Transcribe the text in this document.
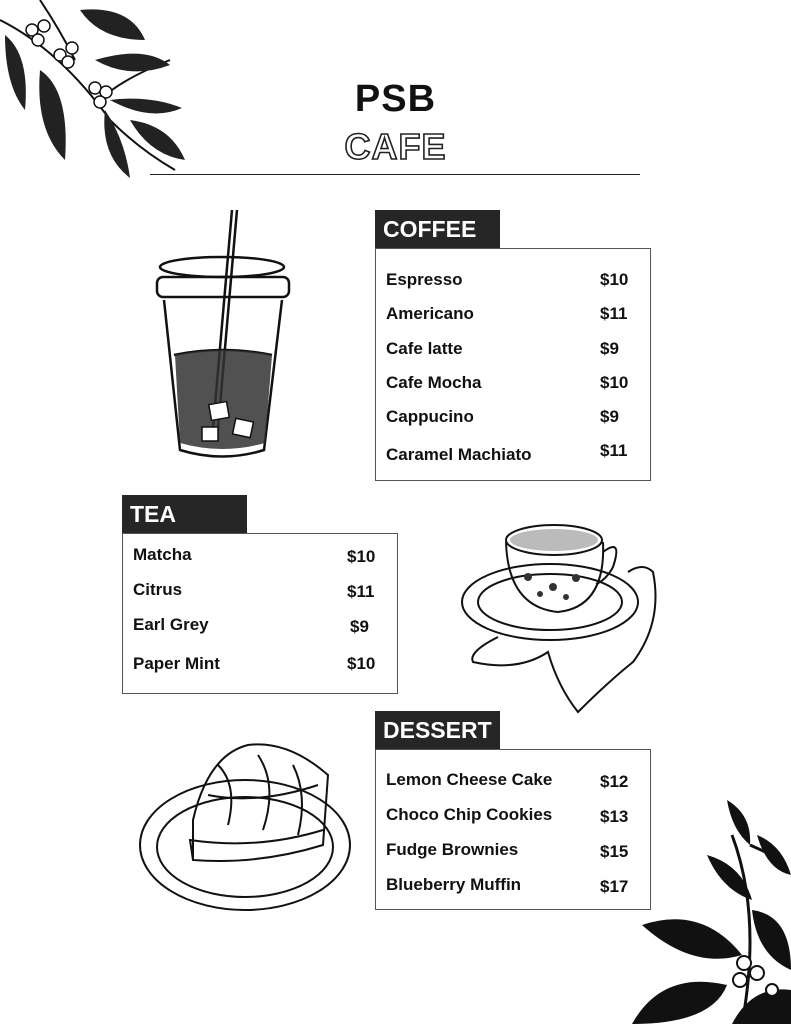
PSB
CAFE
COFFEE
Espresso	$10
Americano	$11
Cafe latte	$9
Cafe Mocha	$10
Cappucino	$9
Caramel Machiato	$11
TEA
Matcha	$10
Citrus	$11
Earl Grey	$9
Paper Mint	$10
DESSERT
Lemon Cheese Cake	$12
Choco Chip Cookies	$13
Fudge Brownies	$15
Blueberry Muffin	$17
